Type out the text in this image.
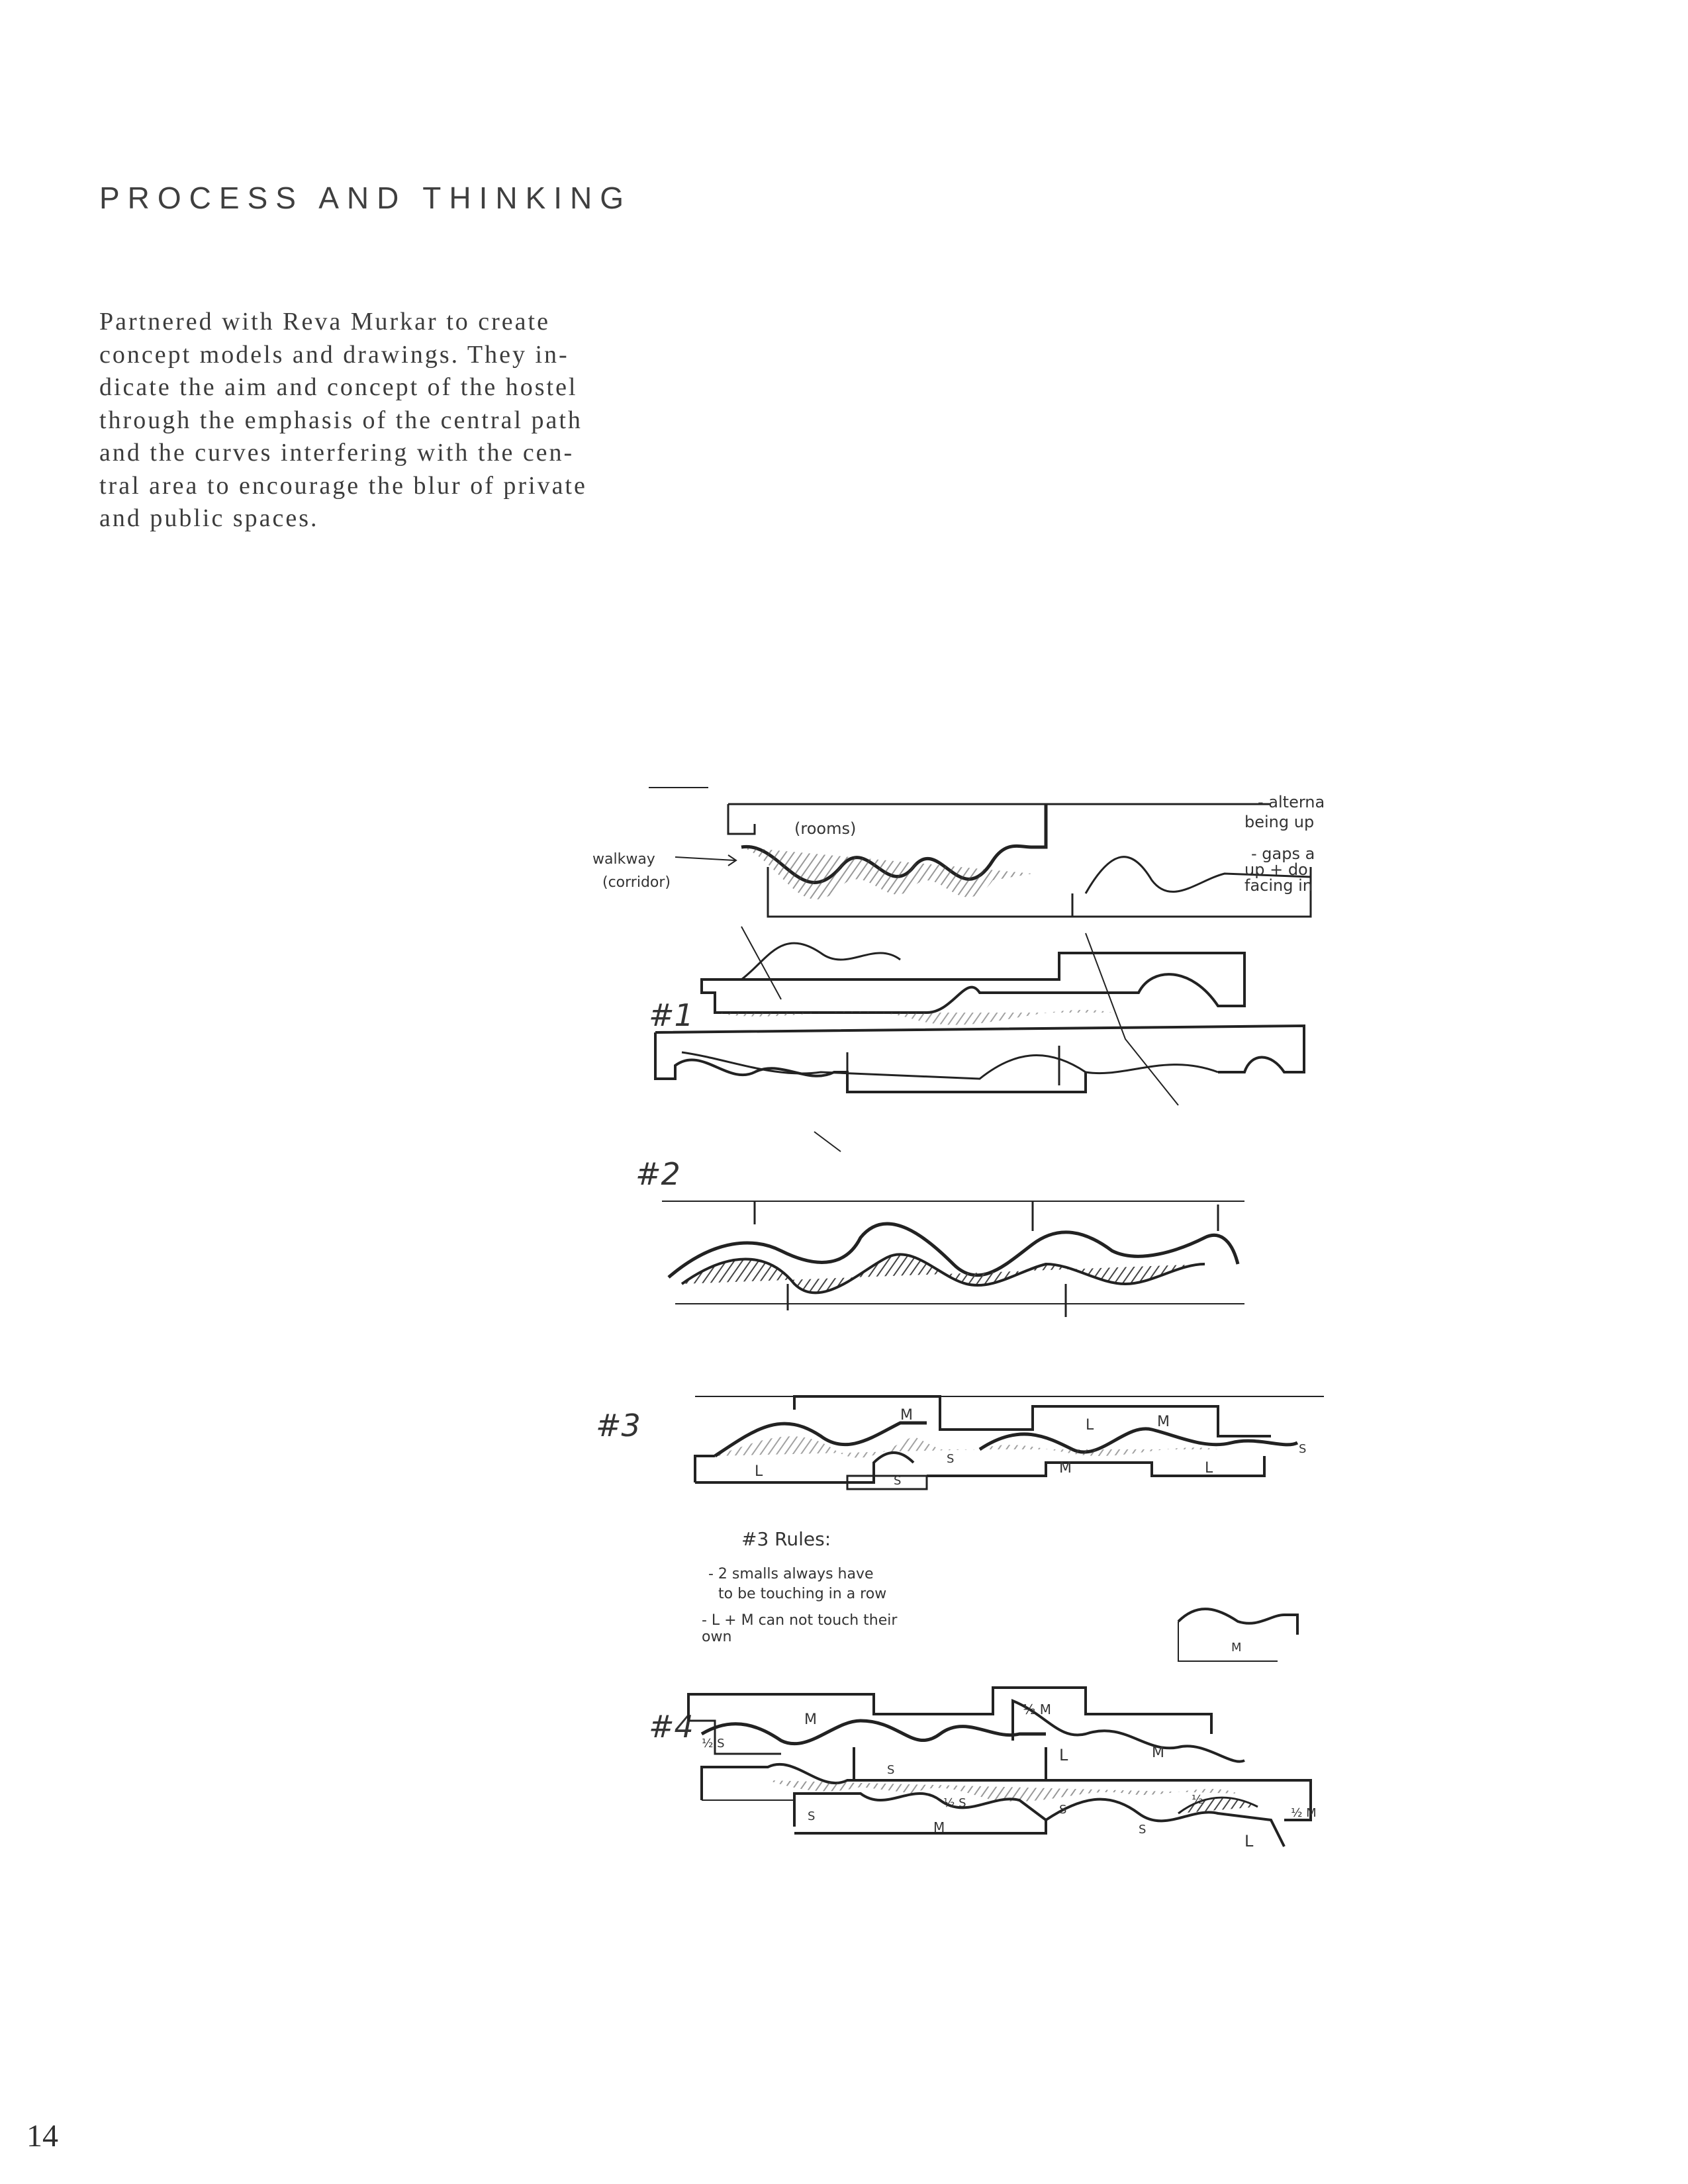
PROCESS AND THINKING

Partnered with Reva Murkar to create
concept models and drawings. They in-
dicate the aim and concept of the hostel
through the emphasis of the central path
and the curves interfering with the cen-
tral area to encourage the blur of private
and public spaces.

(rooms)
walkway
(corridor)
- alterna
being up
- gaps a
up + do
facing in
#1
#2
#3	M
L	M
L
S
S
M	L
S
#3 Rules:
- 2 smalls always have
to be touching in a row
- L + M can not touch their
own
M
#4 ½ S
M
½ M
S
L	M
S
½ S	S
½
M	S
L
½ M
14
